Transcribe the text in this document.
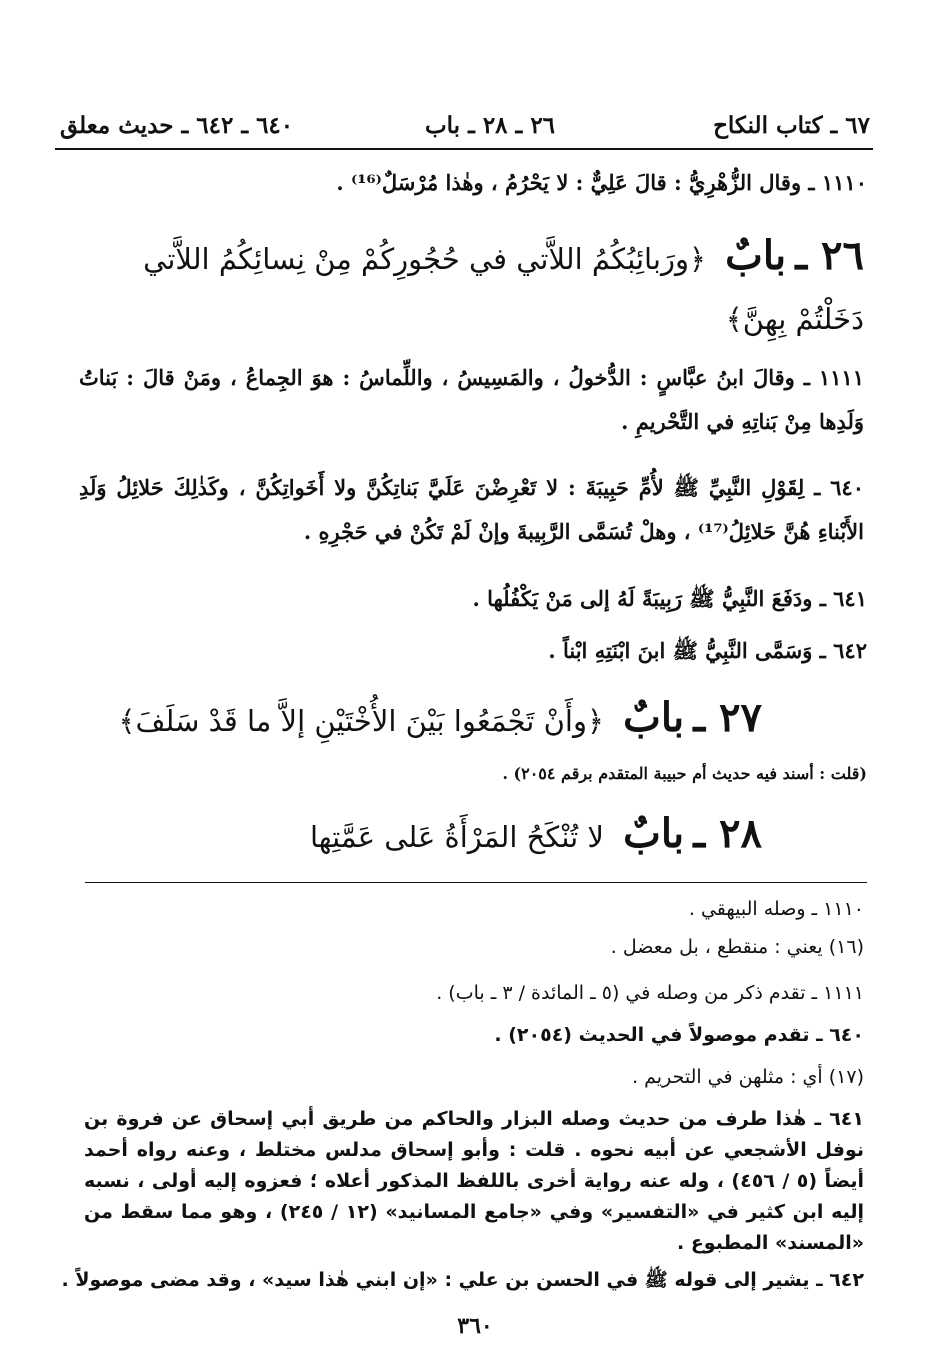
٦٧ ـ كتاب النكاح
٢٦ ـ ٢٨ ـ باب
٦٤٠ ـ ٦٤٢ ـ حديث معلق
١١١٠ ـ وقال الزُّهْرِيُّ : قالَ عَلِيٌّ : لا يَحْرُمُ ، وهٰذا مُرْسَلٌ⁽¹⁶⁾ .
٢٦ ـ بابٌ ﴿ورَبائِبُكُمُ اللاَّتي في حُجُورِكُمْ مِنْ نِسائِكُمُ اللاَّتي دَخَلْتُمْ بِهِنَّ﴾
١١١١ ـ وقالَ ابنُ عبَّاسٍ : الدُّخولُ ، والمَسِيسُ ، واللِّماسُ : هوَ الجِماعُ ، ومَنْ قالَ : بَناتُ وَلَدِها مِنْ بَناتِهِ في التَّحْريمِ .
٦٤٠ ـ لِقَوْلِ النَّبِيِّ ﷺ لأُمِّ حَبِيبَةَ : لا تَعْرِضْنَ عَلَيَّ بَناتِكُنَّ ولا أَخَواتِكُنَّ ، وكَذٰلِكَ حَلائِلُ وَلَدِ الأَبْناءِ هُنَّ حَلائِلُ⁽¹⁷⁾ ، وهلْ تُسَمَّى الرَّبِيبةَ وإنْ لَمْ تَكُنْ في حَجْرِهِ .
٦٤١ ـ ودَفَعَ النَّبِيُّ ﷺ رَبِيبَةً لَهُ إلى مَنْ يَكْفُلُها .
٦٤٢ ـ وَسَمَّى النَّبِيُّ ﷺ ابنَ ابْنَتِهِ ابْناً .
٢٧ ـ بابٌ ﴿وأَنْ تَجْمَعُوا بَيْنَ الأُخْتَيْنِ إلاَّ ما قَدْ سَلَفَ﴾
(قلت : أسند فيه حديث أم حبيبة المتقدم برقم ٢٠٥٤) .
٢٨ ـ بابٌ لا تُنْكَحُ المَرْأَةُ عَلى عَمَّتِها
١١١٠ ـ وصله البيهقي .
(١٦) يعني : منقطع ، بل معضل .
١١١١ ـ تقدم ذكر من وصله في (٥ ـ المائدة / ٣ ـ باب) .
٦٤٠ ـ تقدم موصولاً في الحديث (٢٠٥٤) .
(١٧) أي : مثلهن في التحريم .
٦٤١ ـ هٰذا طرف من حديث وصله البزار والحاكم من طريق أبي إسحاق عن فروة بن نوفل الأشجعي عن أبيه نحوه . قلت : وأبو إسحاق مدلس مختلط ، وعنه رواه أحمد أيضاً (٥ / ٤٥٦) ، وله عنه رواية أخرى باللفظ المذكور أعلاه ؛ فعزوه إليه أولى ، نسبه إليه ابن كثير في «التفسير» وفي «جامع المسانيد» (١٢ / ٢٤٥) ، وهو مما سقط من «المسند» المطبوع .
٦٤٢ ـ يشير إلى قوله ﷺ في الحسن بن علي : «إن ابني هٰذا سيد» ، وقد مضى موصولاً .
٣٦٠
